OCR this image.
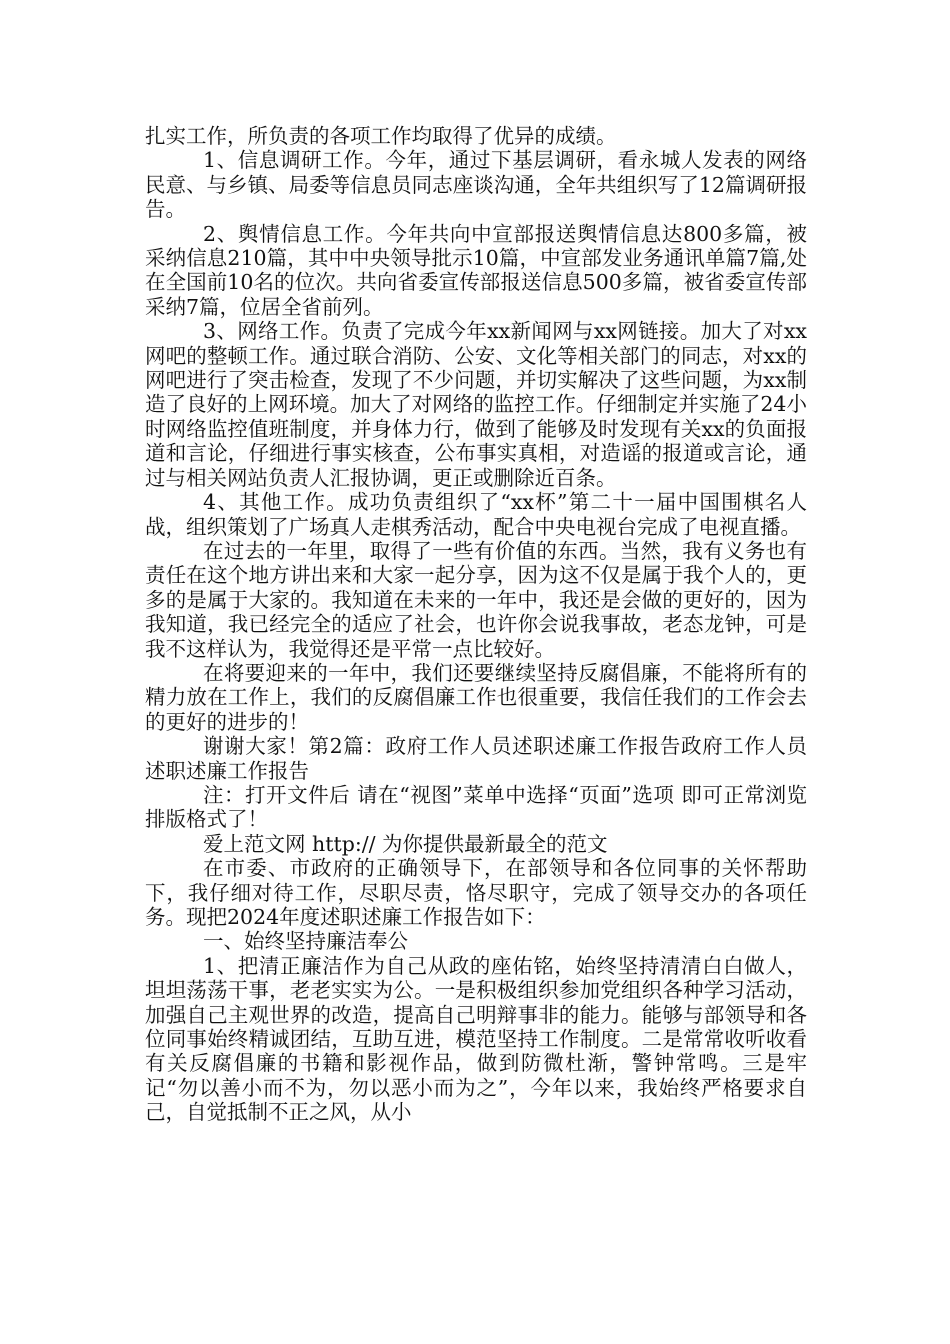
扎实工作，所负责的各项工作均取得了优异的成绩。

1、信息调研工作。今年，通过下基层调研，看永城人发表的网络民意、与乡镇、局委等信息员同志座谈沟通，全年共组织写了12篇调研报告。

2、舆情信息工作。今年共向中宣部报送舆情信息达800多篇，被采纳信息210篇，其中中央领导批示10篇，中宣部发业务通讯单篇7篇,处在全国前10名的位次。共向省委宣传部报送信息500多篇，被省委宣传部采纳7篇，位居全省前列。

3、网络工作。负责了完成今年xx新闻网与xx网链接。加大了对xx网吧的整顿工作。通过联合消防、公安、文化等相关部门的同志，对xx的网吧进行了突击检查，发现了不少问题，并切实解决了这些问题，为xx制造了良好的上网环境。加大了对网络的监控工作。仔细制定并实施了24小时网络监控值班制度，并身体力行，做到了能够及时发现有关xx的负面报道和言论，仔细进行事实核查，公布事实真相，对造谣的报道或言论，通过与相关网站负责人汇报协调，更正或删除近百条。

4、其他工作。成功负责组织了“xx杯”第二十一届中国围棋名人战，组织策划了广场真人走棋秀活动，配合中央电视台完成了电视直播。

在过去的一年里，取得了一些有价值的东西。当然，我有义务也有责任在这个地方讲出来和大家一起分享，因为这不仅是属于我个人的，更多的是属于大家的。我知道在未来的一年中，我还是会做的更好的，因为我知道，我已经完全的适应了社会，也许你会说我事故，老态龙钟，可是我不这样认为，我觉得还是平常一点比较好。

在将要迎来的一年中，我们还要继续坚持反腐倡廉，不能将所有的精力放在工作上，我们的反腐倡廉工作也很重要，我信任我们的工作会去的更好的进步的！

谢谢大家！第2篇：政府工作人员述职述廉工作报告政府工作人员述职述廉工作报告

注：打开文件后 请在“视图”菜单中选择“页面”选项 即可正常浏览排版格式了！

爱上范文网 http:// 为你提供最新最全的范文

在市委、市政府的正确领导下，在部领导和各位同事的关怀帮助下，我仔细对待工作，尽职尽责，恪尽职守，完成了领导交办的各项任务。现把2024年度述职述廉工作报告如下：

一、始终坚持廉洁奉公

1、把清正廉洁作为自己从政的座佑铭，始终坚持清清白白做人，坦坦荡荡干事，老老实实为公。一是积极组织参加党组织各种学习活动，加强自己主观世界的改造，提高自己明辩事非的能力。能够与部领导和各位同事始终精诚团结，互助互进，模范坚持工作制度。二是常常收听收看有关反腐倡廉的书籍和影视作品，做到防微杜渐，警钟常鸣。三是牢记“勿以善小而不为，勿以恶小而为之”，今年以来，我始终严格要求自己，自觉抵制不正之风，从小
